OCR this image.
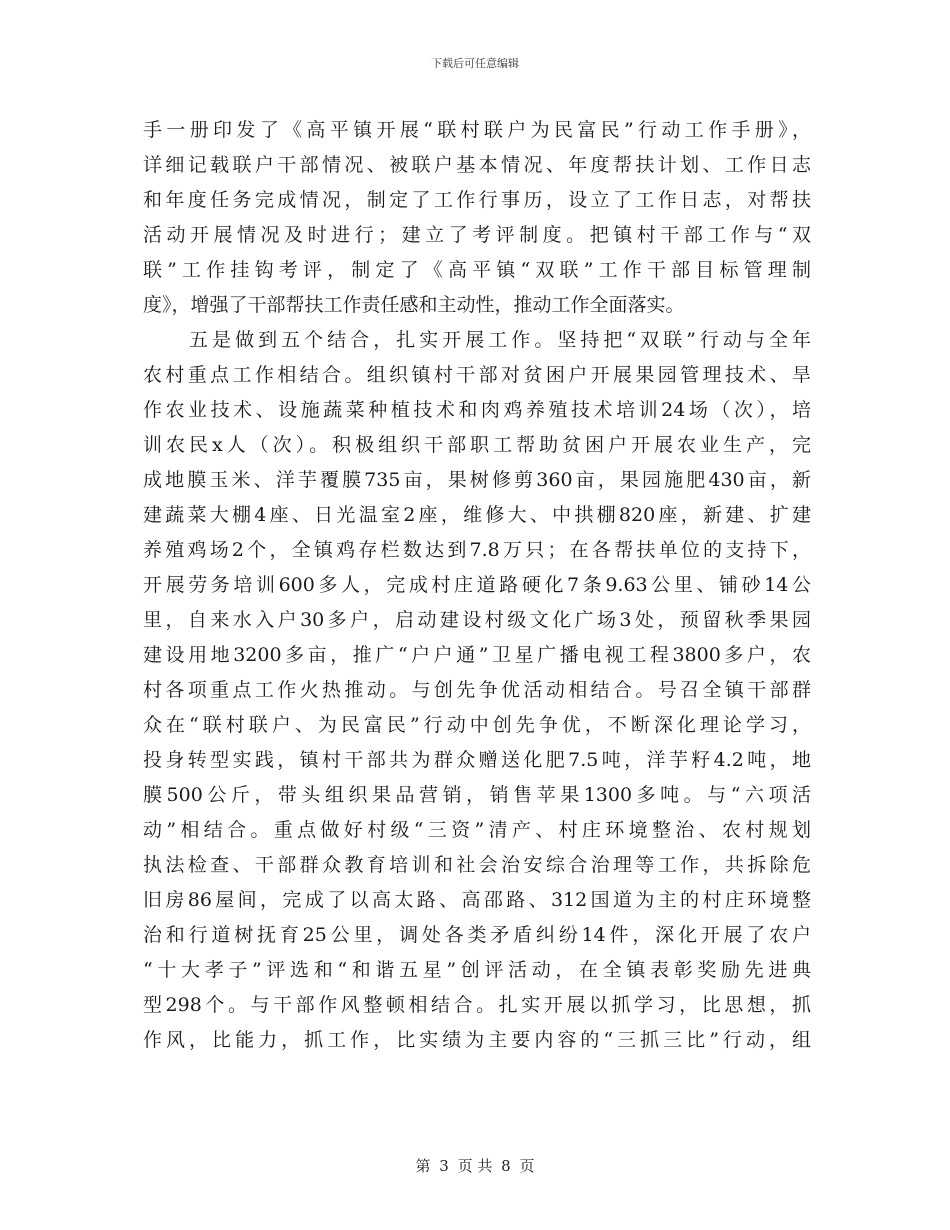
下载后可任意编辑
手一册印发了《高平镇开展“联村联户为民富民”行动工作手册》，
详细记载联户干部情况、被联户基本情况、年度帮扶计划、工作日志
和年度任务完成情况，制定了工作行事历，设立了工作日志，对帮扶
活动开展情况及时进行；建立了考评制度。把镇村干部工作与“双
联”工作挂钩考评，制定了《高平镇“双联”工作干部目标管理制
度》，增强了干部帮扶工作责任感和主动性，推动工作全面落实。
　　五是做到五个结合，扎实开展工作。坚持把“双联”行动与全年
农村重点工作相结合。组织镇村干部对贫困户开展果园管理技术、旱
作农业技术、设施蔬菜种植技术和肉鸡养殖技术培训24场（次），培
训农民x人（次）。积极组织干部职工帮助贫困户开展农业生产，完
成地膜玉米、洋芋覆膜735亩，果树修剪360亩，果园施肥430亩，新
建蔬菜大棚4座、日光温室2座，维修大、中拱棚820座，新建、扩建
养殖鸡场2个，全镇鸡存栏数达到7.8万只；在各帮扶单位的支持下，
开展劳务培训600多人，完成村庄道路硬化7条9.63公里、铺砂14公
里，自来水入户30多户，启动建设村级文化广场3处，预留秋季果园
建设用地3200多亩，推广“户户通”卫星广播电视工程3800多户，农
村各项重点工作火热推动。与创先争优活动相结合。号召全镇干部群
众在“联村联户、为民富民”行动中创先争优，不断深化理论学习，
投身转型实践，镇村干部共为群众赠送化肥7.5吨，洋芋籽4.2吨，地
膜500公斤，带头组织果品营销，销售苹果1300多吨。与“六项活
动”相结合。重点做好村级“三资”清产、村庄环境整治、农村规划
执法检查、干部群众教育培训和社会治安综合治理等工作，共拆除危
旧房86屋间，完成了以高太路、高邵路、312国道为主的村庄环境整
治和行道树抚育25公里，调处各类矛盾纠纷14件，深化开展了农户
“十大孝子”评选和“和谐五星”创评活动，在全镇表彰奖励先进典
型298个。与干部作风整顿相结合。扎实开展以抓学习，比思想，抓
作风，比能力，抓工作，比实绩为主要内容的“三抓三比”行动，组
第 3 页 共 8 页
